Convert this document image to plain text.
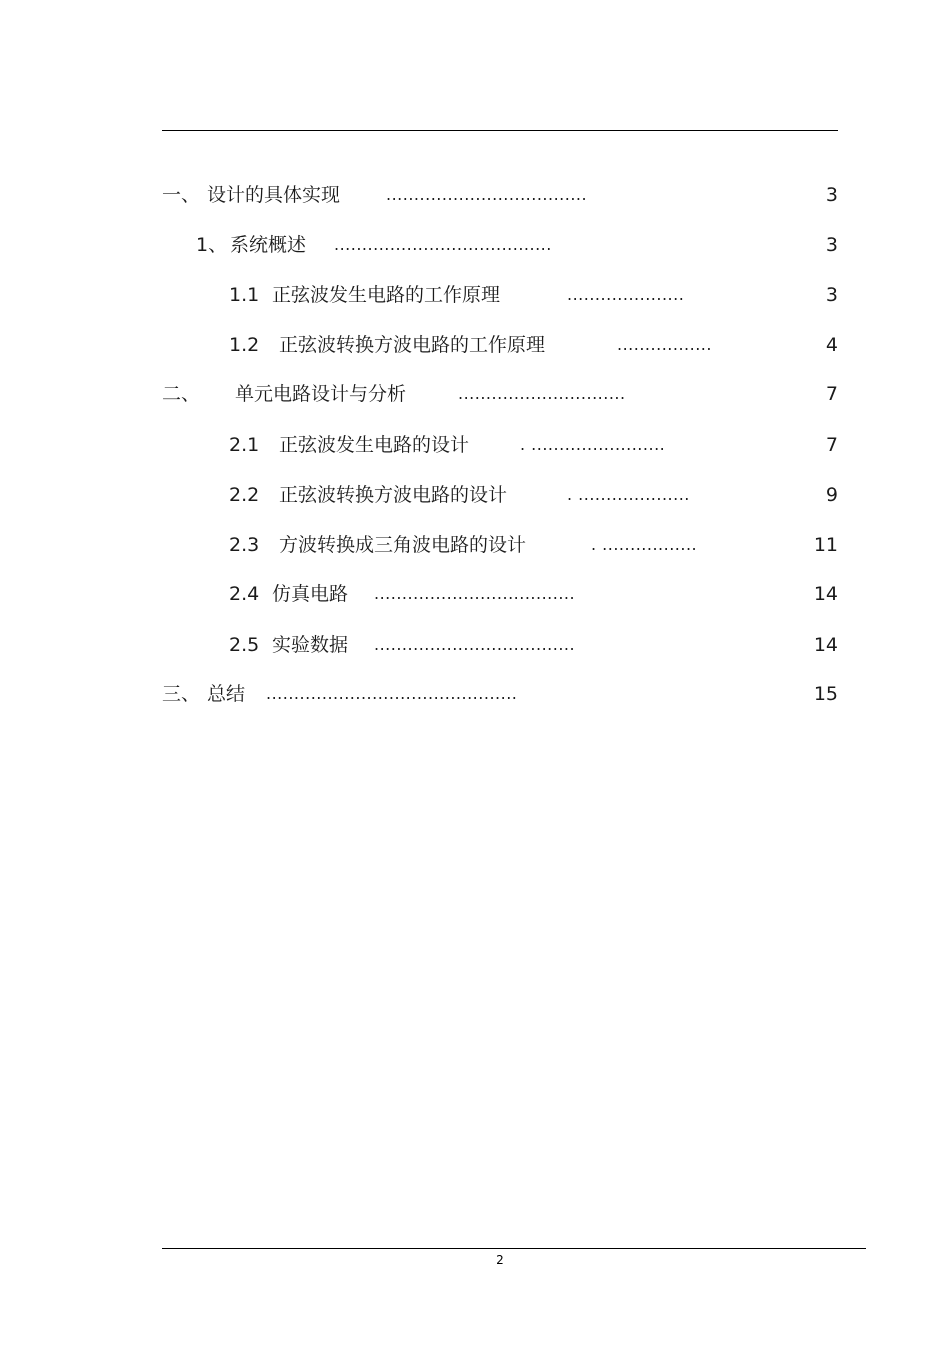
一、 设计的具体实现	....................................	3
1、 系统概述 .......................................	3
1.1 正弦波发生电路的工作原理	.....................	3
1.2 正弦波转换方波电路的工作原理	.................	4
二、 单元电路设计与分析	..............................	7
2.1 正弦波发生电路的设计	. ........................	7
2.2 正弦波转换方波电路的设计	. ....................	9
2.3 方波转换成三角波电路的设计	. .................	11
2.4 仿真电路 ....................................	14
2.5 实验数据 ....................................	14
三、 总结 .............................................	15
2
